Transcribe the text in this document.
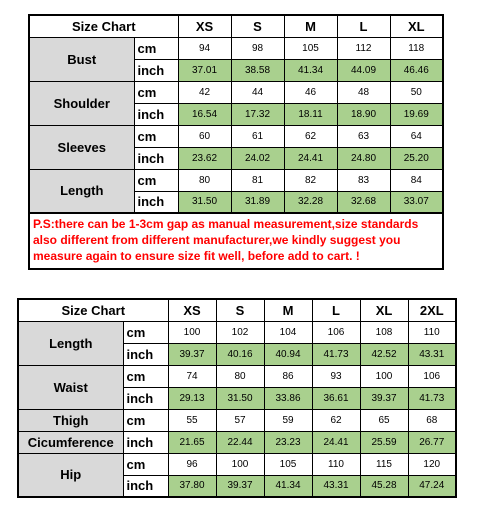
Size Chart		XS	S	M	L	XL
Bust	cm	94	98	105	112	118
	inch	37.01	38.58	41.34	44.09	46.46
Shoulder	cm	42	44	46	48	50
	inch	16.54	17.32	18.11	18.90	19.69
Sleeves	cm	60	61	62	63	64
	inch	23.62	24.02	24.41	24.80	25.20
Length	cm	80	81	82	83	84
	inch	31.50	31.89	32.28	32.68	33.07
P.S:there can be 1-3cm gap as manual measurement,size standards also different from different manufacturer,we kindly suggest you measure again to ensure size fit well, before add to cart. !						
Size Chart		XS	S	M	L	XL	2XL
Length	cm	100	102	104	106	108	110
	inch	39.37	40.16	40.94	41.73	42.52	43.31
Waist	cm	74	80	86	93	100	106
	inch	29.13	31.50	33.86	36.61	39.37	41.73
Thigh	cm	55	57	59	62	65	68
Cicumference	inch	21.65	22.44	23.23	24.41	25.59	26.77
Hip	cm	96	100	105	110	115	120
	inch	37.80	39.37	41.34	43.31	45.28	47.24
